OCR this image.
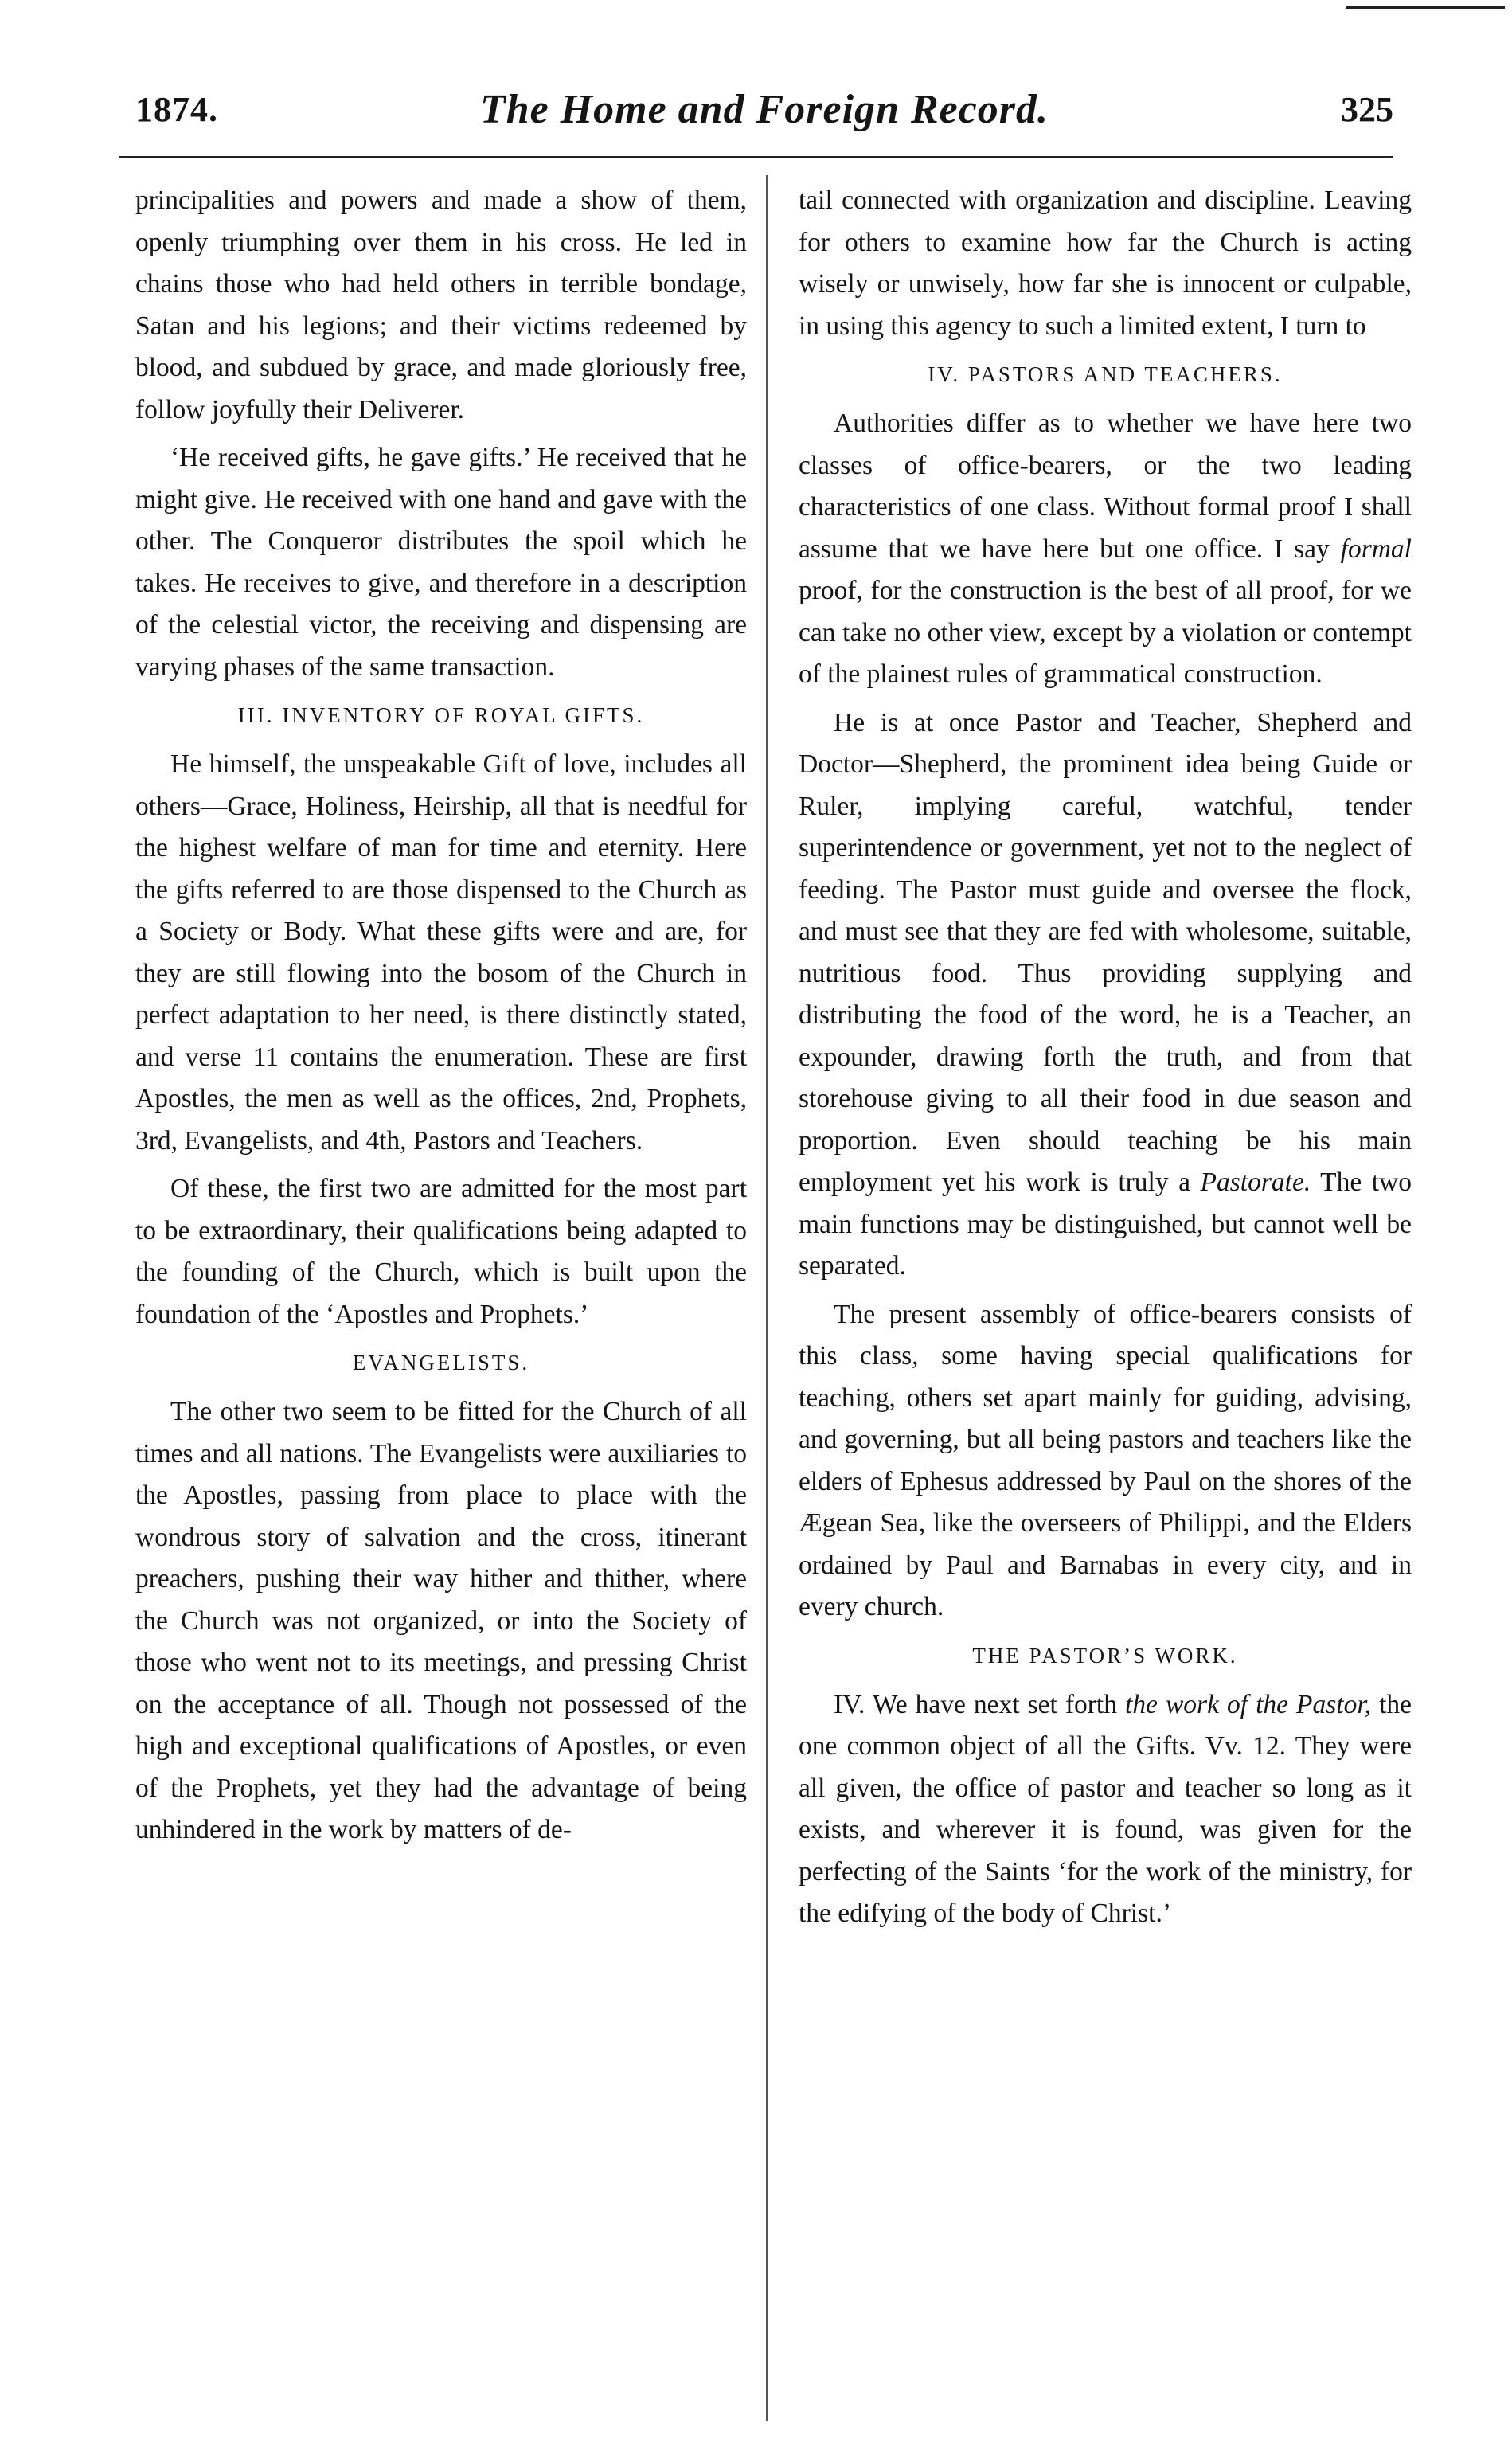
1874.	The Home and Foreign Record.	325

principalities and powers and made a show of them, openly triumphing over them in his cross. He led in chains those who had held others in terrible bondage, Satan and his legions; and their victims redeemed by blood, and subdued by grace, and made gloriously free, follow joyfully their Deliverer.

‘He received gifts, he gave gifts.’ He received that he might give. He received with one hand and gave with the other. The Conqueror distributes the spoil which he takes. He receives to give, and therefore in a description of the celestial victor, the receiving and dispensing are varying phases of the same transaction.

III. INVENTORY OF ROYAL GIFTS.

He himself, the unspeakable Gift of love, includes all others—Grace, Holiness, Heirship, all that is needful for the highest welfare of man for time and eternity. Here the gifts referred to are those dispensed to the Church as a Society or Body. What these gifts were and are, for they are still flowing into the bosom of the Church in perfect adaptation to her need, is there distinctly stated, and verse 11 contains the enumeration. These are first Apostles, the men as well as the offices, 2nd, Prophets, 3rd, Evangelists, and 4th, Pastors and Teachers.

Of these, the first two are admitted for the most part to be extraordinary, their qualifications being adapted to the founding of the Church, which is built upon the foundation of the ‘Apostles and Prophets.’

EVANGELISTS.

The other two seem to be fitted for the Church of all times and all nations. The Evangelists were auxiliaries to the Apostles, passing from place to place with the wondrous story of salvation and the cross, itinerant preachers, pushing their way hither and thither, where the Church was not organized, or into the Society of those who went not to its meetings, and pressing Christ on the acceptance of all. Though not possessed of the high and exceptional qualifications of Apostles, or even of the Prophets, yet they had the advantage of being unhindered in the work by matters of de-

tail connected with organization and discipline. Leaving for others to examine how far the Church is acting wisely or unwisely, how far she is innocent or culpable, in using this agency to such a limited extent, I turn to

IV. PASTORS AND TEACHERS.

Authorities differ as to whether we have here two classes of office-bearers, or the two leading characteristics of one class. Without formal proof I shall assume that we have here but one office. I say formal proof, for the construction is the best of all proof, for we can take no other view, except by a violation or contempt of the plainest rules of grammatical construction.

He is at once Pastor and Teacher, Shepherd and Doctor—Shepherd, the prominent idea being Guide or Ruler, implying careful, watchful, tender superintendence or government, yet not to the neglect of feeding. The Pastor must guide and oversee the flock, and must see that they are fed with wholesome, suitable, nutritious food. Thus providing supplying and distributing the food of the word, he is a Teacher, an expounder, drawing forth the truth, and from that storehouse giving to all their food in due season and proportion. Even should teaching be his main employment yet his work is truly a Pastorate. The two main functions may be distinguished, but cannot well be separated.

The present assembly of office-bearers consists of this class, some having special qualifications for teaching, others set apart mainly for guiding, advising, and governing, but all being pastors and teachers like the elders of Ephesus addressed by Paul on the shores of the Ægean Sea, like the overseers of Philippi, and the Elders ordained by Paul and Barnabas in every city, and in every church.

THE PASTOR’S WORK.

IV. We have next set forth the work of the Pastor, the one common object of all the Gifts. Vv. 12. They were all given, the office of pastor and teacher so long as it exists, and wherever it is found, was given for the perfecting of the Saints ‘for the work of the ministry, for the edifying of the body of Christ.’
